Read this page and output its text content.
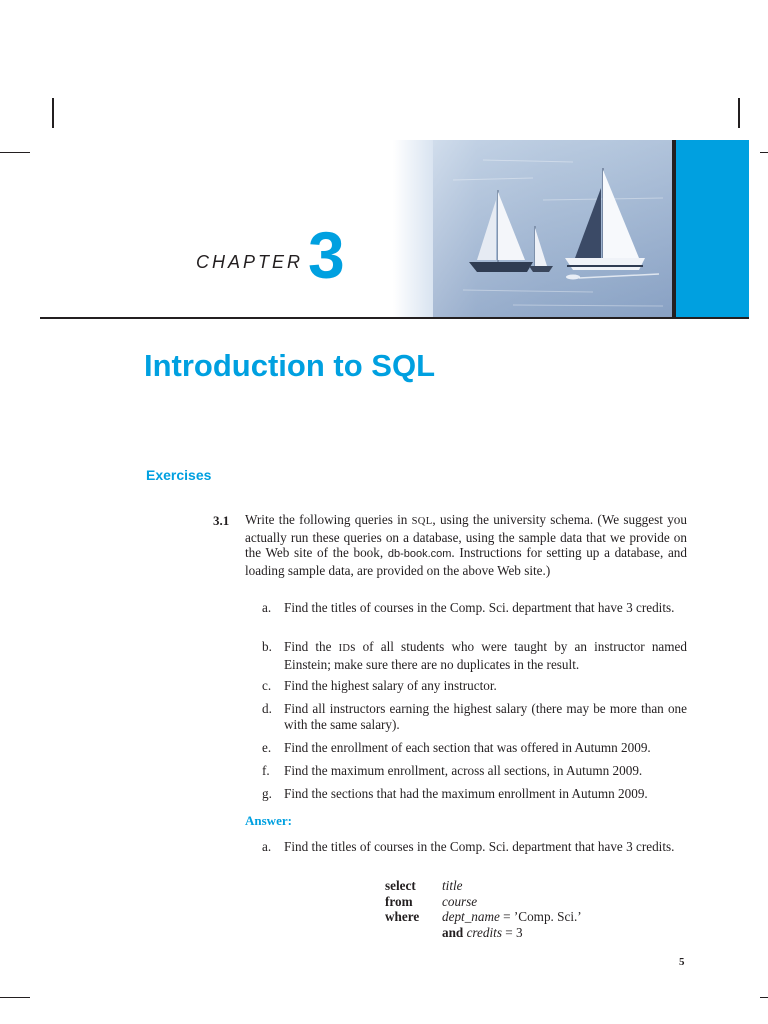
CHAPTER 3
Introduction to SQL
Exercises
3.1 Write the following queries in SQL, using the university schema. (We suggest you actually run these queries on a database, using the sample data that we provide on the Web site of the book, db-book.com. Instructions for setting up a database, and loading sample data, are provided on the above Web site.)
a. Find the titles of courses in the Comp. Sci. department that have 3 credits.
b. Find the IDs of all students who were taught by an instructor named Einstein; make sure there are no duplicates in the result.
c. Find the highest salary of any instructor.
d. Find all instructors earning the highest salary (there may be more than one with the same salary).
e. Find the enrollment of each section that was offered in Autumn 2009.
f.	Find the maximum enrollment, across all sections, in Autumn 2009.
g. Find the sections that had the maximum enrollment in Autumn 2009.
Answer:
a. Find the titles of courses in the Comp. Sci. department that have 3 credits.
select title
from course
where dept_name = ’Comp. Sci.’
and credits = 3
5
